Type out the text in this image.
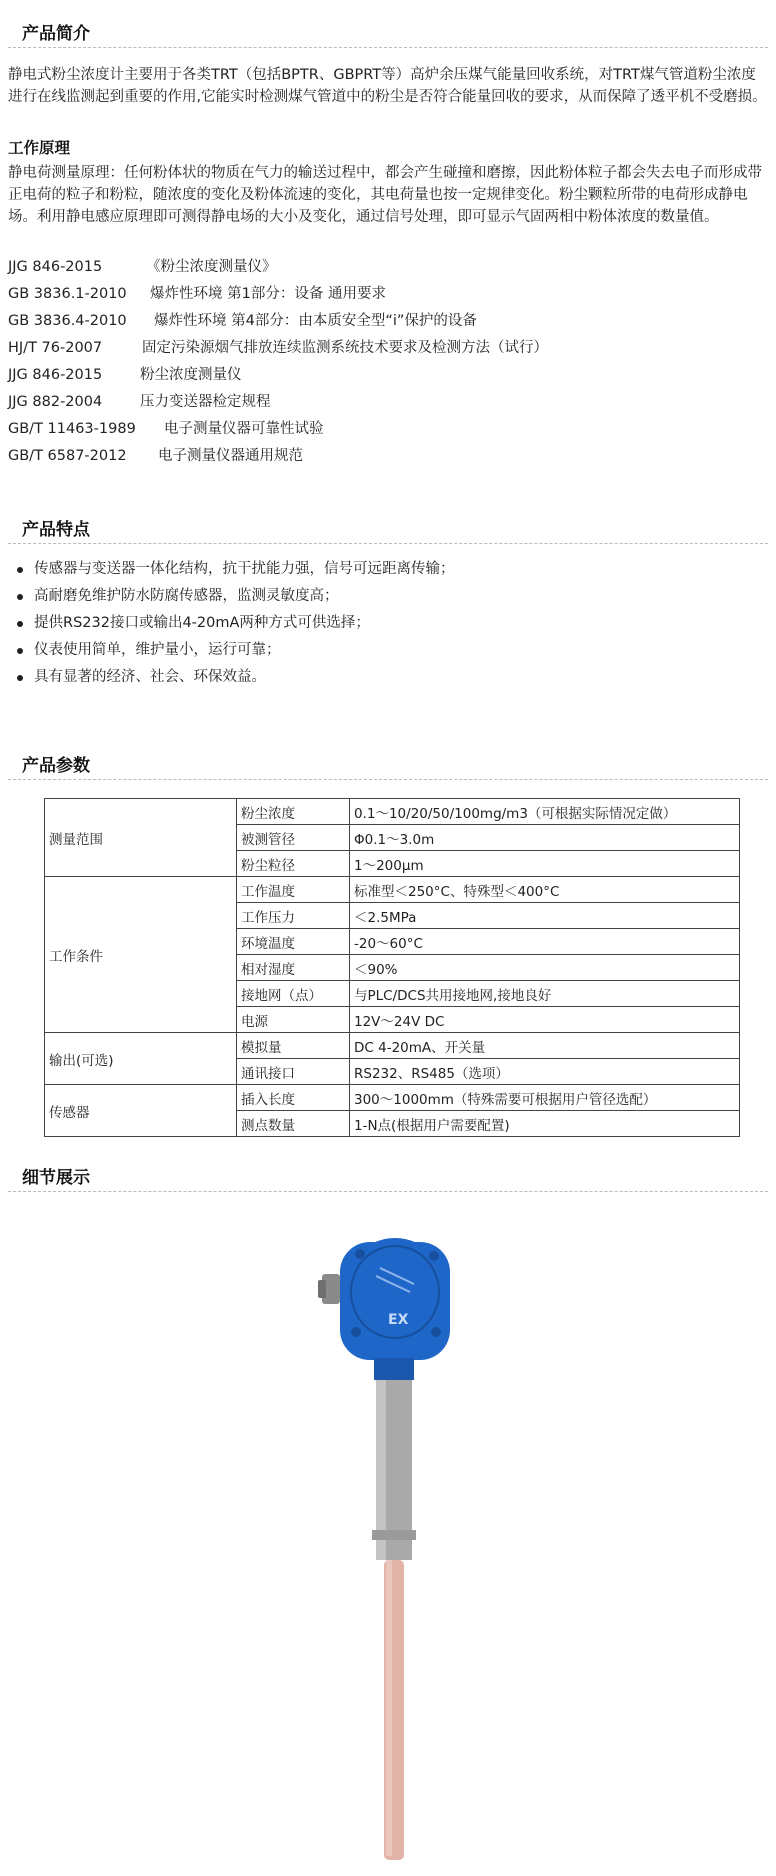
产品简介
静电式粉尘浓度计主要用于各类TRT（包括BPTR、GBPRT等）高炉余压煤气能量回收系统，对TRT煤气管道粉尘浓度进行在线监测起到重要的作用,它能实时检测煤气管道中的粉尘是否符合能量回收的要求，从而保障了透平机不受磨损。
工作原理
静电荷测量原理：任何粉体状的物质在气力的输送过程中，都会产生碰撞和磨擦，因此粉体粒子都会失去电子而形成带正电荷的粒子和粉粒，随浓度的变化及粉体流速的变化，其电荷量也按一定规律变化。粉尘颗粒所带的电荷形成静电场。利用静电感应原理即可测得静电场的大小及变化，通过信号处理，即可显示气固两相中粉体浓度的数量值。
JJG 846-2015	《粉尘浓度测量仪》
GB 3836.1-2010 爆炸性环境 第1部分：设备 通用要求
GB 3836.4-2010 爆炸性环境 第4部分：由本质安全型“i”保护的设备
HJ/T 76-2007	固定污染源烟气排放连续监测系统技术要求及检测方法（试行）
JJG 846-2015	粉尘浓度测量仪
JJG 882-2004	压力变送器检定规程
GB/T 11463-1989 电子测量仪器可靠性试验
GB/T 6587-2012 电子测量仪器通用规范
产品特点
传感器与变送器一体化结构，抗干扰能力强，信号可远距离传输；
高耐磨免维护防水防腐传感器，监测灵敏度高；
提供RS232接口或输出4-20mA两种方式可供选择；
仪表使用简单，维护量小，运行可靠；
具有显著的经济、社会、环保效益。
产品参数
测量范围	粉尘浓度	0.1～10/20/50/100mg/m3（可根据实际情况定做）
	被测管径	Φ0.1～3.0m
	粉尘粒径	1～200μm
工作条件	工作温度	标准型＜250°C、特殊型＜400°C
	工作压力	＜2.5MPa
	环境温度	-20～60°C
	相对湿度	＜90%
	接地网（点）	与PLC/DCS共用接地网,接地良好
	电源	12V～24V DC
输出(可选)	模拟量	DC 4-20mA、开关量
	通讯接口	RS232、RS485（选项）
传感器	插入长度	300～1000mm（特殊需要可根据用户管径选配）
	测点数量	1-N点(根据用户需要配置)
细节展示
EX
